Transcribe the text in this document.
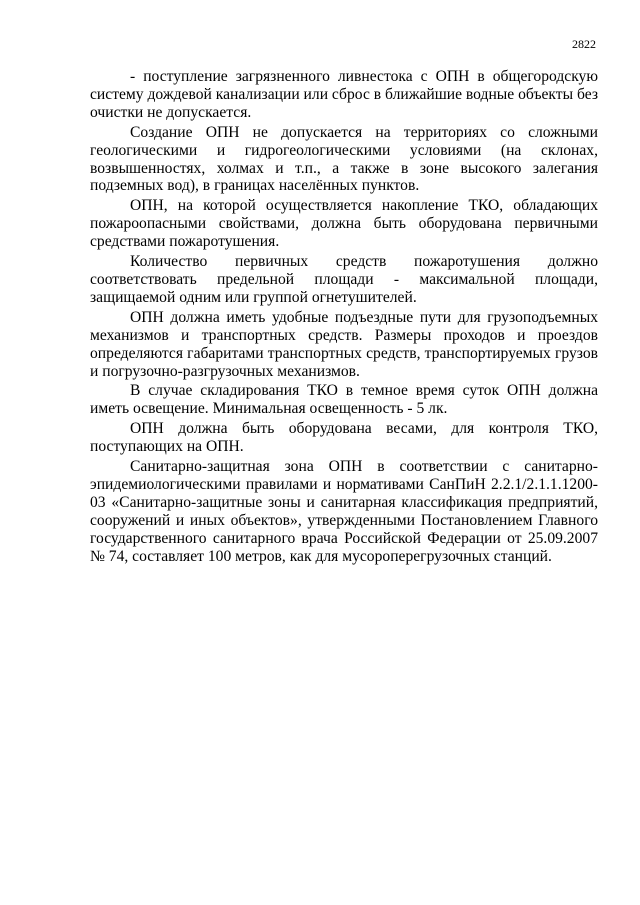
2822

- поступление загрязненного ливнестока с ОПН в общегородскую систему дождевой канализации или сброс в ближайшие водные объекты без очистки не допускается.

Создание ОПН не допускается на территориях со сложными геологическими и гидрогеологическими условиями (на склонах, возвышенностях, холмах и т.п., а также в зоне высокого залегания подземных вод), в границах населённых пунктов.

ОПН, на которой осуществляется накопление ТКО, обладающих пожароопасными свойствами, должна быть оборудована первичными средствами пожаротушения.

Количество первичных средств пожаротушения должно соответствовать предельной площади - максимальной площади, защищаемой одним или группой огнетушителей.

ОПН должна иметь удобные подъездные пути для грузоподъемных механизмов и транспортных средств. Размеры проходов и проездов определяются габаритами транспортных средств, транспортируемых грузов и погрузочно-разгрузочных механизмов.

В случае складирования ТКО в темное время суток ОПН должна иметь освещение. Минимальная освещенность - 5 лк.

ОПН должна быть оборудована весами, для контроля ТКО, поступающих на ОПН.

Санитарно-защитная зона ОПН в соответствии с санитарно-эпидемиологическими правилами и нормативами СанПиН 2.2.1/2.1.1.1200-03 «Санитарно-защитные зоны и санитарная классификация предприятий, сооружений и иных объектов», утвержденными Постановлением Главного государственного санитарного врача Российской Федерации от 25.09.2007 № 74, составляет 100 метров, как для мусороперегрузочных станций.
